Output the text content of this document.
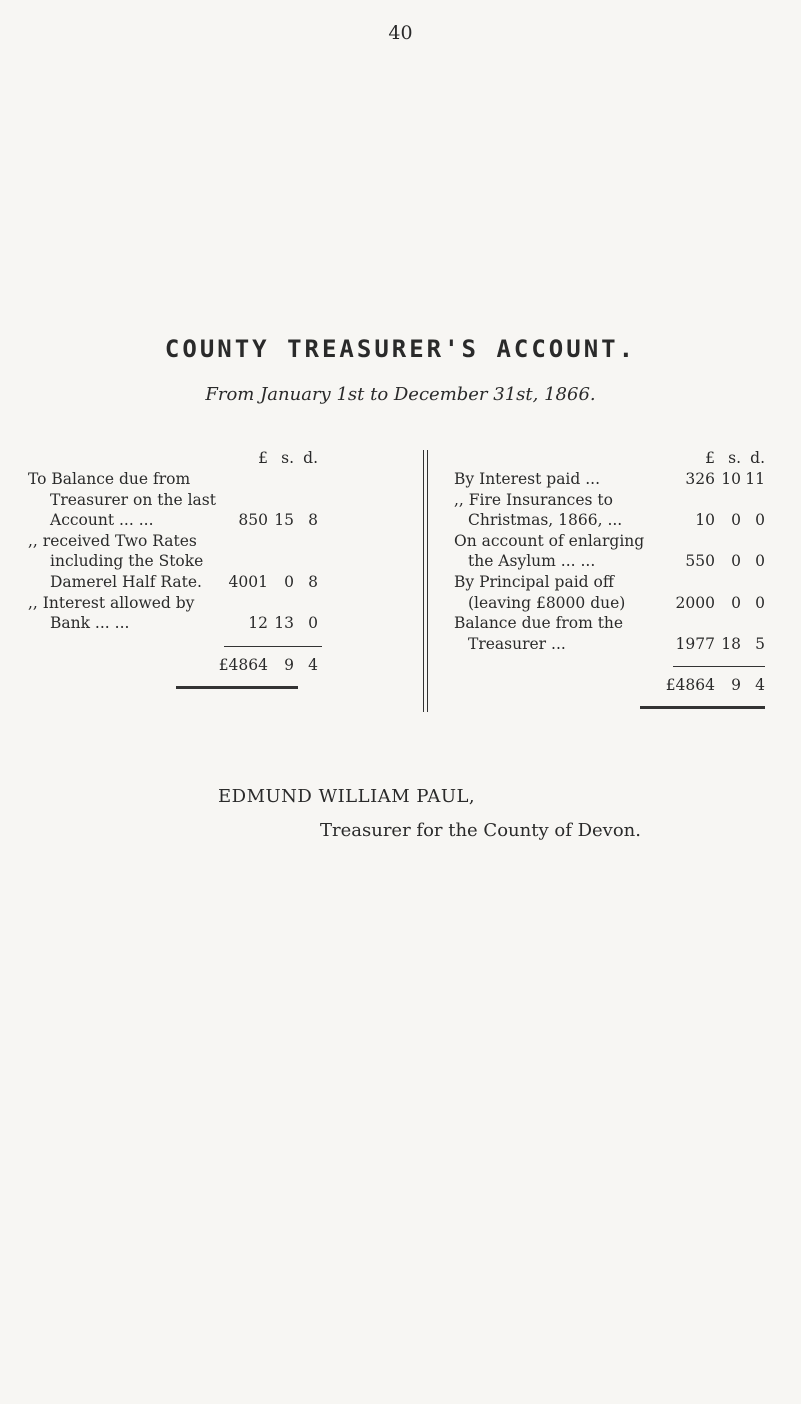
40
COUNTY TREASURER'S ACCOUNT.
From January 1st to December 31st, 1866.
£ s. d.
To Balance due from
Treasurer on the last
Account ... ...
,, received Two Rates
including the Stoke
Damerel Half Rate.
,, Interest allowed by
Bank ... ...
850 15 8
4001 0 8
12 13 0
£4864 9 4
£ s. d.
By Interest paid ...
,, Fire Insurances to
Christmas, 1866, ...
On account of enlarging
the Asylum ... ...
By Principal paid off
(leaving £8000 due)
Balance due from the
Treasurer ...
326 10 11
10 0 0
550 0 0
2000 0 0
1977 18 5
£4864 9 4
EDMUND WILLIAM PAUL,
Treasurer for the County of Devon.
